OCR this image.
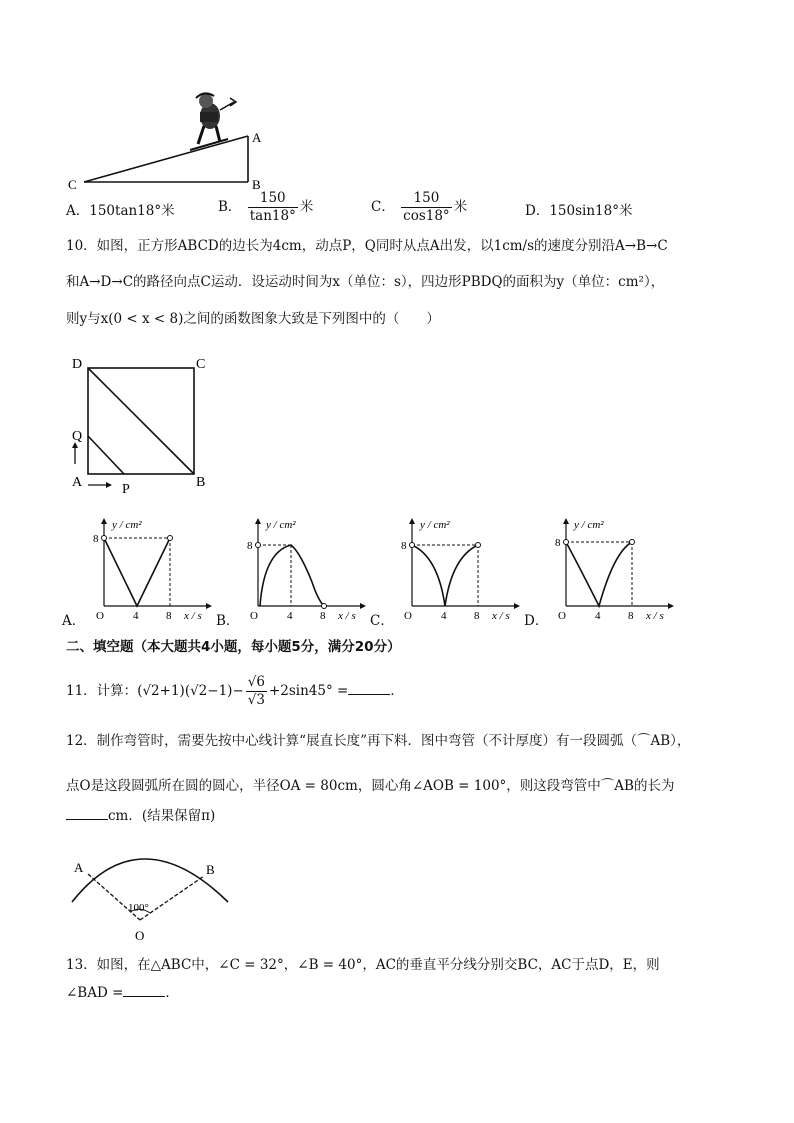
A
B
C
A．150tan18°米	B． $\frac{150}{\tan 18^\circ}$ 米	C． $\frac{150}{\cos 18^\circ}$ 米	D．150sin18°米
10．如图，正方形ABCD的边长为4cm，动点P，Q同时从点A出发，以1cm/s的速度分别沿A→B→C
和A→D→C的路径向点C运动．设运动时间为x（单位：s），四边形PBDQ的面积为y（单位：cm²），
则y与x(0 < x < 8)之间的函数图象大致是下列图中的（　　）
D	C
Q
A	P	B
y / cm²
8
O	4	8 x / s
A．
y / cm²
8
O	4	8 x / s
B．
y / cm²
8
O	4	8 x / s
C．
y / cm²
8
O	4	8 x / s
D．
二、填空题（本大题共4小题，每小题5分，满分20分）
11．计算：$(√2+1)(√2-1)- \frac{√6}{√3} +2\sin 45^\circ$ =	．
12．制作弯管时，需要先按中心线计算“展直长度”再下料．图中弯管（不计厚度）有一段圆弧（⌒AB），
点O是这段圆弧所在圆的圆心，半径OA = 80cm，圆心角∠AOB = 100°，则这段弯管中⌒AB的长为
cm．(结果保留π)
A	B
O
100°
13．如图，在△ABC中，∠C = 32°，∠B = 40°，AC的垂直平分线分别交BC，AC于点D，E，则
∠BAD =	．
